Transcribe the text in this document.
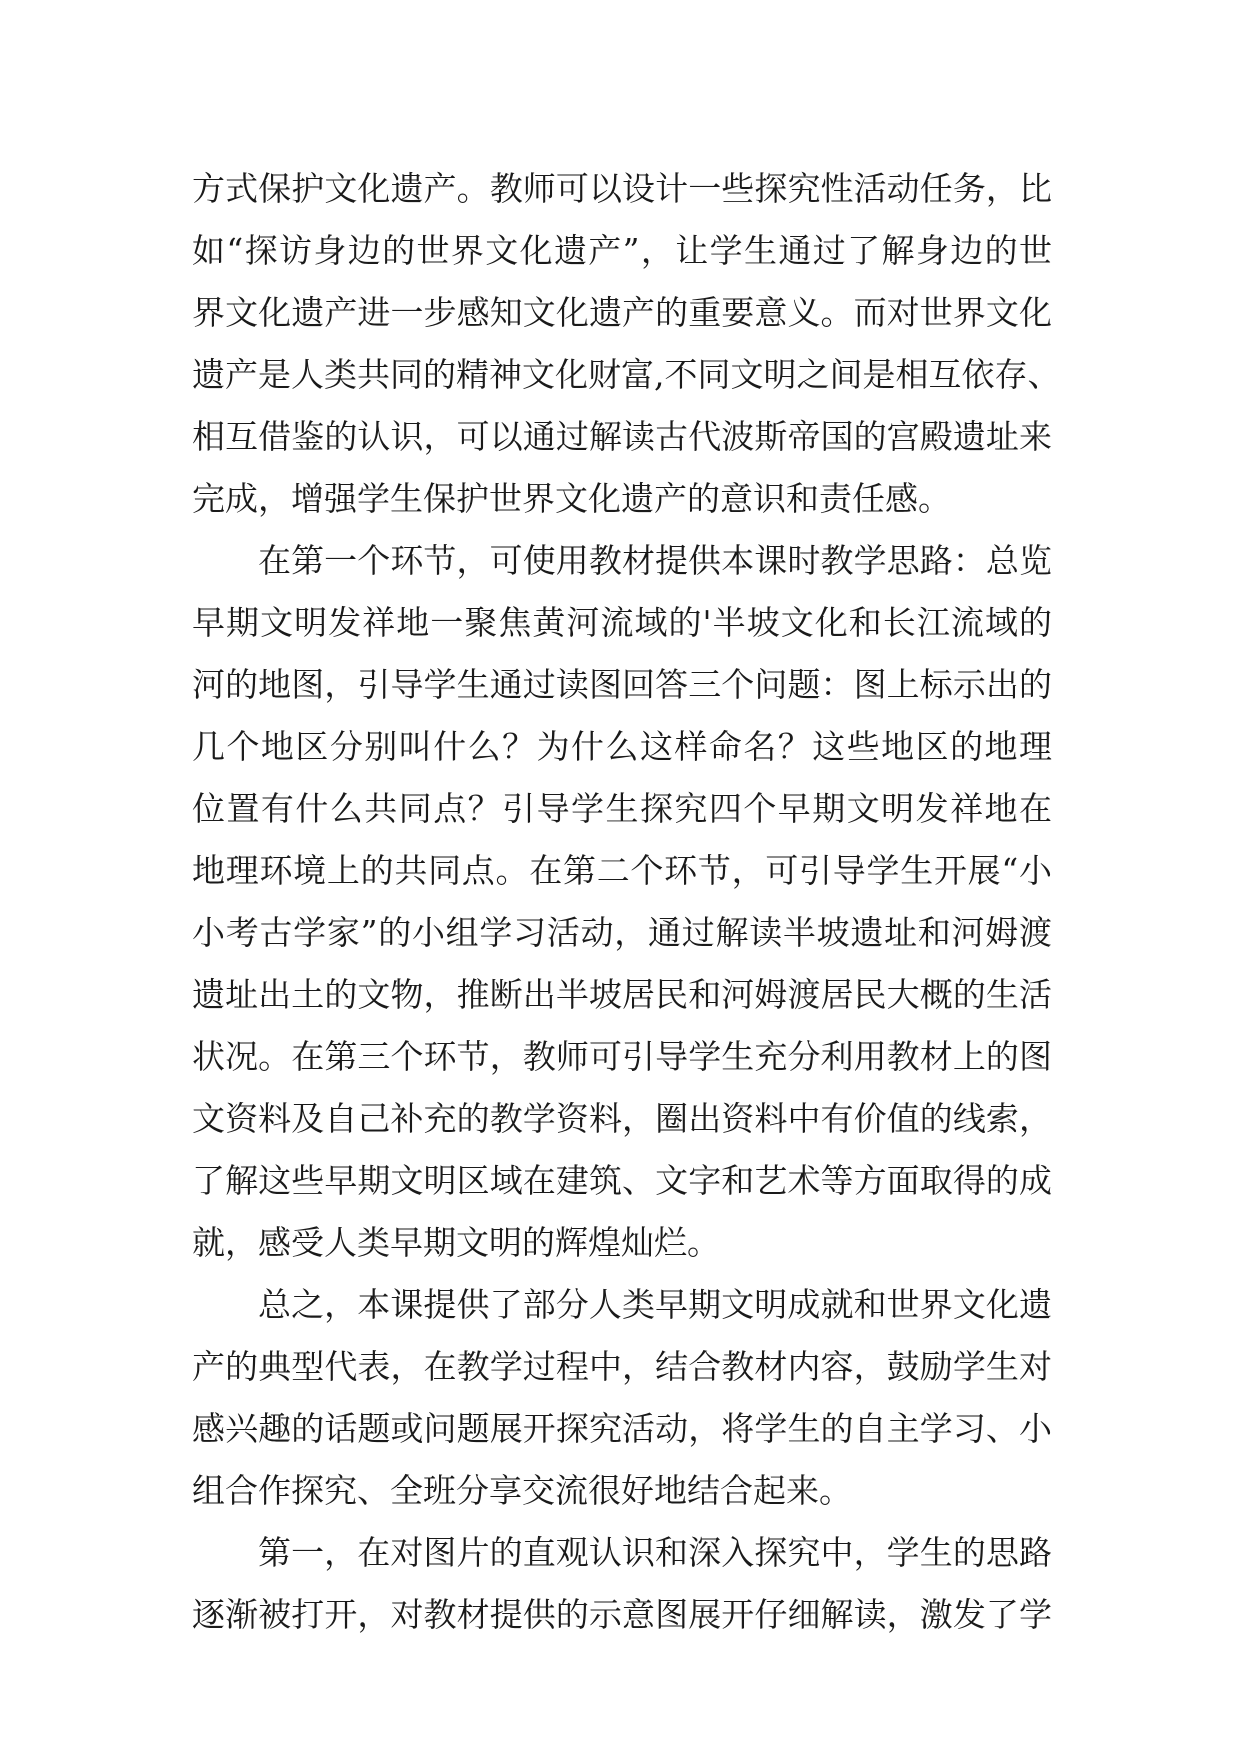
方式保护文化遗产。教师可以设计一些探究性活动任务，比
如“探访身边的世界文化遗产”，让学生通过了解身边的世
界文化遗产进一步感知文化遗产的重要意义。而对世界文化
遗产是人类共同的精神文化财富,不同文明之间是相互依存、
相互借鉴的认识，可以通过解读古代波斯帝国的宫殿遗址来
完成，增强学生保护世界文化遗产的意识和责任感。
在第一个环节，可使用教材提供本课时教学思路：总览
早期文明发祥地一聚焦黄河流域的'半坡文化和长江流域的
河的地图，引导学生通过读图回答三个问题：图上标示出的
几个地区分别叫什么？为什么这样命名？这些地区的地理
位置有什么共同点？引导学生探究四个早期文明发祥地在
地理环境上的共同点。在第二个环节，可引导学生开展“小
小考古学家”的小组学习活动，通过解读半坡遗址和河姆渡
遗址出土的文物，推断出半坡居民和河姆渡居民大概的生活
状况。在第三个环节，教师可引导学生充分利用教材上的图
文资料及自己补充的教学资料，圈出资料中有价值的线索，
了解这些早期文明区域在建筑、文字和艺术等方面取得的成
就，感受人类早期文明的辉煌灿烂。
总之，本课提供了部分人类早期文明成就和世界文化遗
产的典型代表，在教学过程中，结合教材内容，鼓励学生对
感兴趣的话题或问题展开探究活动，将学生的自主学习、小
组合作探究、全班分享交流很好地结合起来。
第一，在对图片的直观认识和深入探究中，学生的思路
逐渐被打开，对教材提供的示意图展开仔细解读，激发了学
